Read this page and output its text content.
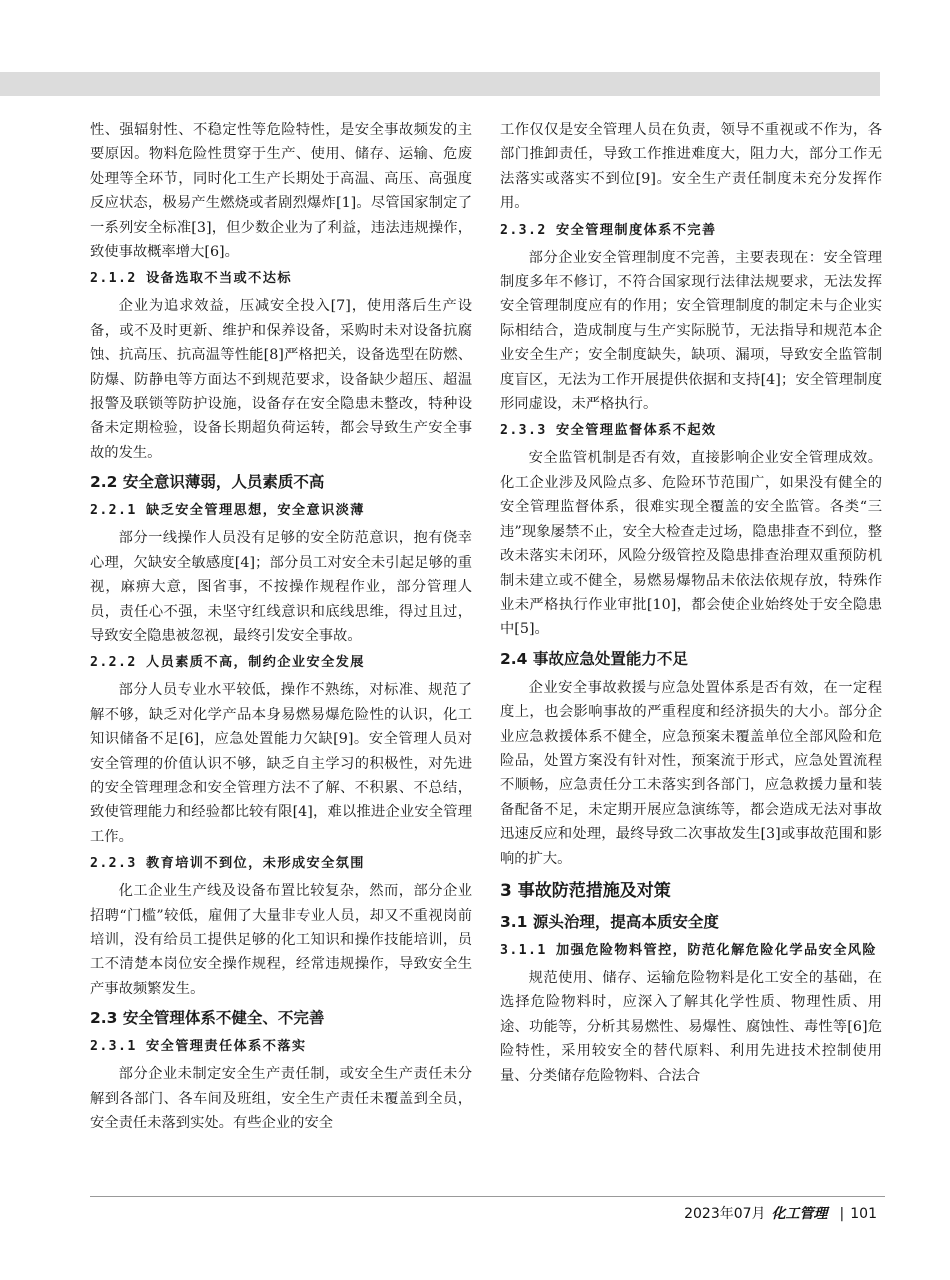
性、强辐射性、不稳定性等危险特性，是安全事故频发的主要原因。物料危险性贯穿于生产、使用、储存、运输、危废处理等全环节，同时化工生产长期处于高温、高压、高强度反应状态，极易产生燃烧或者剧烈爆炸[1]。尽管国家制定了一系列安全标准[3]，但少数企业为了利益，违法违规操作，致使事故概率增大[6]。

2.1.2 设备选取不当或不达标

企业为追求效益，压减安全投入[7]，使用落后生产设备，或不及时更新、维护和保养设备，采购时未对设备抗腐蚀、抗高压、抗高温等性能[8]严格把关，设备选型在防燃、防爆、防静电等方面达不到规范要求，设备缺少超压、超温报警及联锁等防护设施，设备存在安全隐患未整改，特种设备未定期检验，设备长期超负荷运转，都会导致生产安全事故的发生。

2.2 安全意识薄弱，人员素质不高
2.2.1 缺乏安全管理思想，安全意识淡薄

部分一线操作人员没有足够的安全防范意识，抱有侥幸心理，欠缺安全敏感度[4]；部分员工对安全未引起足够的重视，麻痹大意，图省事，不按操作规程作业，部分管理人员，责任心不强，未坚守红线意识和底线思维，得过且过，导致安全隐患被忽视，最终引发安全事故。

2.2.2 人员素质不高，制约企业安全发展

部分人员专业水平较低，操作不熟练，对标准、规范了解不够，缺乏对化学产品本身易燃易爆危险性的认识，化工知识储备不足[6]，应急处置能力欠缺[9]。安全管理人员对安全管理的价值认识不够，缺乏自主学习的积极性，对先进的安全管理理念和安全管理方法不了解、不积累、不总结，致使管理能力和经验都比较有限[4]，难以推进企业安全管理工作。

2.2.3 教育培训不到位，未形成安全氛围

化工企业生产线及设备布置比较复杂，然而，部分企业招聘“门槛”较低，雇佣了大量非专业人员，却又不重视岗前培训，没有给员工提供足够的化工知识和操作技能培训，员工不清楚本岗位安全操作规程，经常违规操作，导致安全生产事故频繁发生。

2.3 安全管理体系不健全、不完善
2.3.1 安全管理责任体系不落实

部分企业未制定安全生产责任制，或安全生产责任未分解到各部门、各车间及班组，安全生产责任未覆盖到全员，安全责任未落到实处。有些企业的安全

工作仅仅是安全管理人员在负责，领导不重视或不作为，各部门推卸责任，导致工作推进难度大，阻力大，部分工作无法落实或落实不到位[9]。安全生产责任制度未充分发挥作用。

2.3.2 安全管理制度体系不完善

部分企业安全管理制度不完善，主要表现在：安全管理制度多年不修订，不符合国家现行法律法规要求，无法发挥安全管理制度应有的作用；安全管理制度的制定未与企业实际相结合，造成制度与生产实际脱节，无法指导和规范本企业安全生产；安全制度缺失，缺项、漏项，导致安全监管制度盲区，无法为工作开展提供依据和支持[4]；安全管理制度形同虚设，未严格执行。

2.3.3 安全管理监督体系不起效

安全监管机制是否有效，直接影响企业安全管理成效。化工企业涉及风险点多、危险环节范围广，如果没有健全的安全管理监督体系，很难实现全覆盖的安全监管。各类“三违”现象屡禁不止，安全大检查走过场，隐患排查不到位，整改未落实未闭环，风险分级管控及隐患排查治理双重预防机制未建立或不健全，易燃易爆物品未依法依规存放，特殊作业未严格执行作业审批[10]，都会使企业始终处于安全隐患中[5]。

2.4 事故应急处置能力不足

企业安全事故救援与应急处置体系是否有效，在一定程度上，也会影响事故的严重程度和经济损失的大小。部分企业应急救援体系不健全，应急预案未覆盖单位全部风险和危险品，处置方案没有针对性，预案流于形式，应急处置流程不顺畅，应急责任分工未落实到各部门，应急救援力量和装备配备不足，未定期开展应急演练等，都会造成无法对事故迅速反应和处理，最终导致二次事故发生[3]或事故范围和影响的扩大。

3 事故防范措施及对策
3.1 源头治理，提高本质安全度
3.1.1 加强危险物料管控，防范化解危险化学品安全风险

规范使用、储存、运输危险物料是化工安全的基础，在选择危险物料时，应深入了解其化学性质、物理性质、用途、功能等，分析其易燃性、易爆性、腐蚀性、毒性等[6]危险特性，采用较安全的替代原料、利用先进技术控制使用量、分类储存危险物料、合法合

2023年07月 化工管理 | 101
